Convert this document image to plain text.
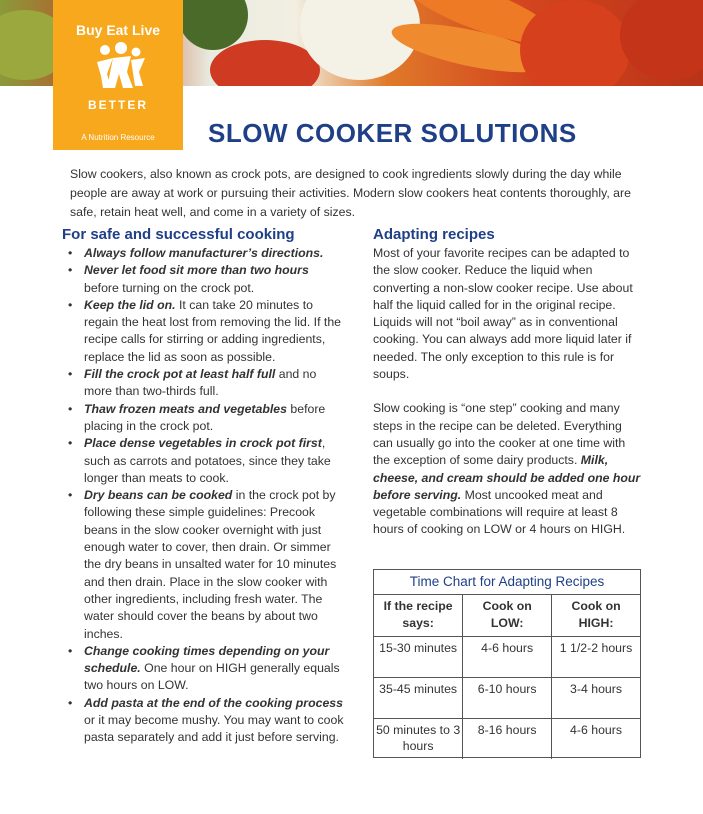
Buy Eat Live
BETTER
A Nutrition Resource	SLOW COOKER SOLUTIONS
Slow cookers, also known as crock pots, are designed to cook ingredients slowly during the day while people are away at work or pursuing their activities. Modern slow cookers heat contents thoroughly, are safe, retain heat well, and come in a variety of sizes.
For safe and successful cooking
• Always follow manufacturer’s directions.
• Never let food sit more than two hours before turning on the crock pot.
• Keep the lid on. It can take 20 minutes to regain the heat lost from removing the lid. If the recipe calls for stirring or adding ingredients, replace the lid as soon as possible.
• Fill the crock pot at least half full and no more than two-thirds full.
• Thaw frozen meats and vegetables before placing in the crock pot.
• Place dense vegetables in crock pot first, such as carrots and potatoes, since they take longer than meats to cook.
• Dry beans can be cooked in the crock pot by following these simple guidelines: Precook beans in the slow cooker overnight with just enough water to cover, then drain. Or simmer the dry beans in unsalted water for 10 minutes and then drain. Place in the slow cooker with other ingredients, including fresh water. The water should cover the beans by about two inches.
• Change cooking times depending on your schedule. One hour on HIGH generally equals two hours on LOW.
• Add pasta at the end of the cooking process or it may become mushy. You may want to cook pasta separately and add it just before serving.
Adapting recipes

Most of your favorite recipes can be adapted to the slow cooker. Reduce the liquid when converting a non-slow cooker recipe. Use about half the liquid called for in the original recipe. Liquids will not “boil away” as in conventional cooking. You can always add more liquid later if needed. The only exception to this rule is for soups.

Slow cooking is “one step” cooking and many steps in the recipe can be deleted. Everything can usually go into the cooker at one time with the exception of some dairy products. Milk, cheese, and cream should be added one hour before serving. Most uncooked meat and vegetable combinations will require at least 8 hours of cooking on LOW or 4 hours on HIGH.

Time Chart for Adapting Recipes
If the recipe says:	Cook on LOW:	Cook on HIGH:
15-30 minutes	4-6 hours	1 1/2-2 hours
35-45 minutes	6-10 hours	3-4 hours
50 minutes to 3 hours	8-16 hours	4-6 hours
